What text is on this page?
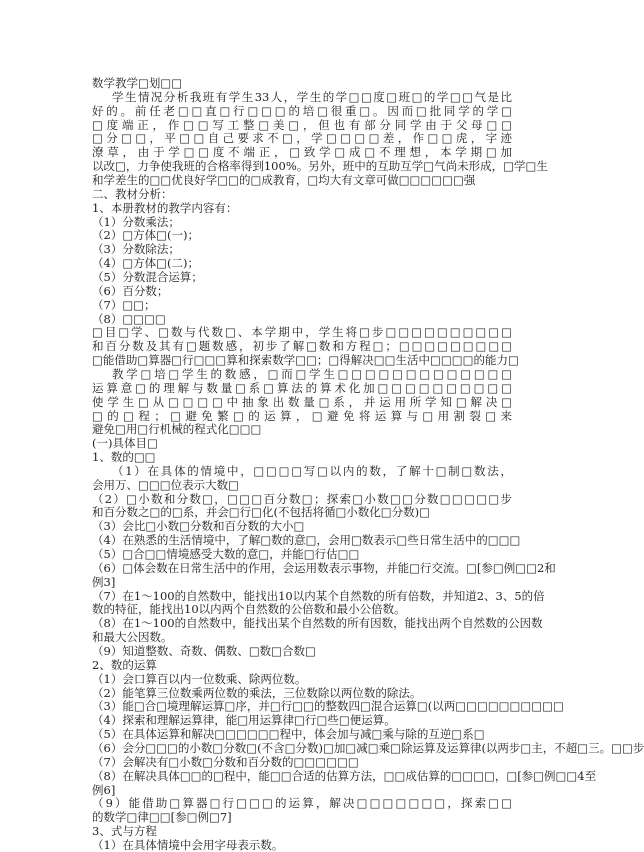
数学教学□划□□
学生情况分析我班有学生33人，学生的学□□度□班□的学□□气是比
好的。前任老□□直□行□□□的培□很重□。因而□批同学的学□
□度端正，作□□写工整□美□，但也有部分同学由于父母□□
□分□□，平□□自己要求不□，学□□□□差，作□□虎，字迹
潦草，由于学□□度不端正，□致学□成□不理想，本学期□加
以改□，力争使我班的合格率得到100%。另外，班中的互助互学□气尚未形成，□学□生
和学差生的□□优良好学□□的□成教育，□均大有文章可做□□□□□□强
二、教材分析：
1、本册教材的教学内容有：
（1）分数乘法；
（2）□方体□(一)；
（3）分数除法；
（4）□方体□(二)；
（5）分数混合运算；
（6）百分数；
（7）□□；
（8）□□□□
□目□学、□数与代数□、本学期中，学生将□步□□□□□□□□□□
和百分数及其有□题数感，初步了解□数和方程□；□□□□□□□□□
□能借助□算器□行□□□算和探索数学□□；□得解决□□生活中□□□□的能力□
教学□培□学生的数感，□而□学生□□□□□□□□□□□□□
运算意□的理解与数量□系□算法的算术化加□□□□□□□□□□
使学生□从□□□□中抽象出数量□系，并运用所学知□解决□
□的□程；□避免繁□的运算，□避免将运算与□用割裂□来
避免□用□行机械的程式化□□□
(一)具体目□
1、数的□□
（1）在具体的情境中，□□□□写□以内的数，了解十□制□数法，
会用万、□□□位表示大数□
（2）□小数和分数□，□□□百分数□；探索□小数□□分数□□□□□步
和百分数之□的□系，并会□行□化(不包括将循□小数化□分数)□
（3）会比□小数□分数和百分数的大小□
（4）在熟悉的生活情境中，了解□数的意□，会用□数表示□些日常生活中的□□□
（5）□合□□情境感受大数的意□，并能□行估□□
（6）□体会数在日常生活中的作用，会运用数表示事物，并能□行交流。□[参□例□□2和
例3]
（7）在1～100的自然数中，能找出10以内某个自然数的所有倍数，并知道2、3、5的倍
数的特征，能找出10以内两个自然数的公倍数和最小公倍数。
（8）在1～100的自然数中，能找出某个自然数的所有因数，能找出两个自然数的公因数
和最大公因数。
（9）知道整数、奇数、偶数、□数□合数□
2、数的运算
（1）会口算百以内一位数乘、除两位数。
（2）能笔算三位数乘两位数的乘法，三位数除以两位数的除法。
（3）能□合□境理解运算□序，并□行□□的整数四□混合运算□(以两□□□□□□□□□□
（4）探索和理解运算律，能□用运算律□行□些□便运算。
（5）在具体运算和解决□□□□□□程中，体会加与减□乘与除的互逆□系□
（6）会分□□□的小数□分数□(不含□分数)□加□减□乘□除运算及运算律(以两步□主，不超□三。□□步
（7）会解决有□小数□分数和百分数的□□□□□□
（8）在解决具体□□的□程中，能□□合适的估算方法，□□成估算的□□□□，□[参□例□□4至
例6]
（9）能借助□算器□行□□□的运算，解决□□□□□□□，探索□□
的数学□律□□[参□例□7]
3、式与方程
（1）在具体情境中会用字母表示数。
